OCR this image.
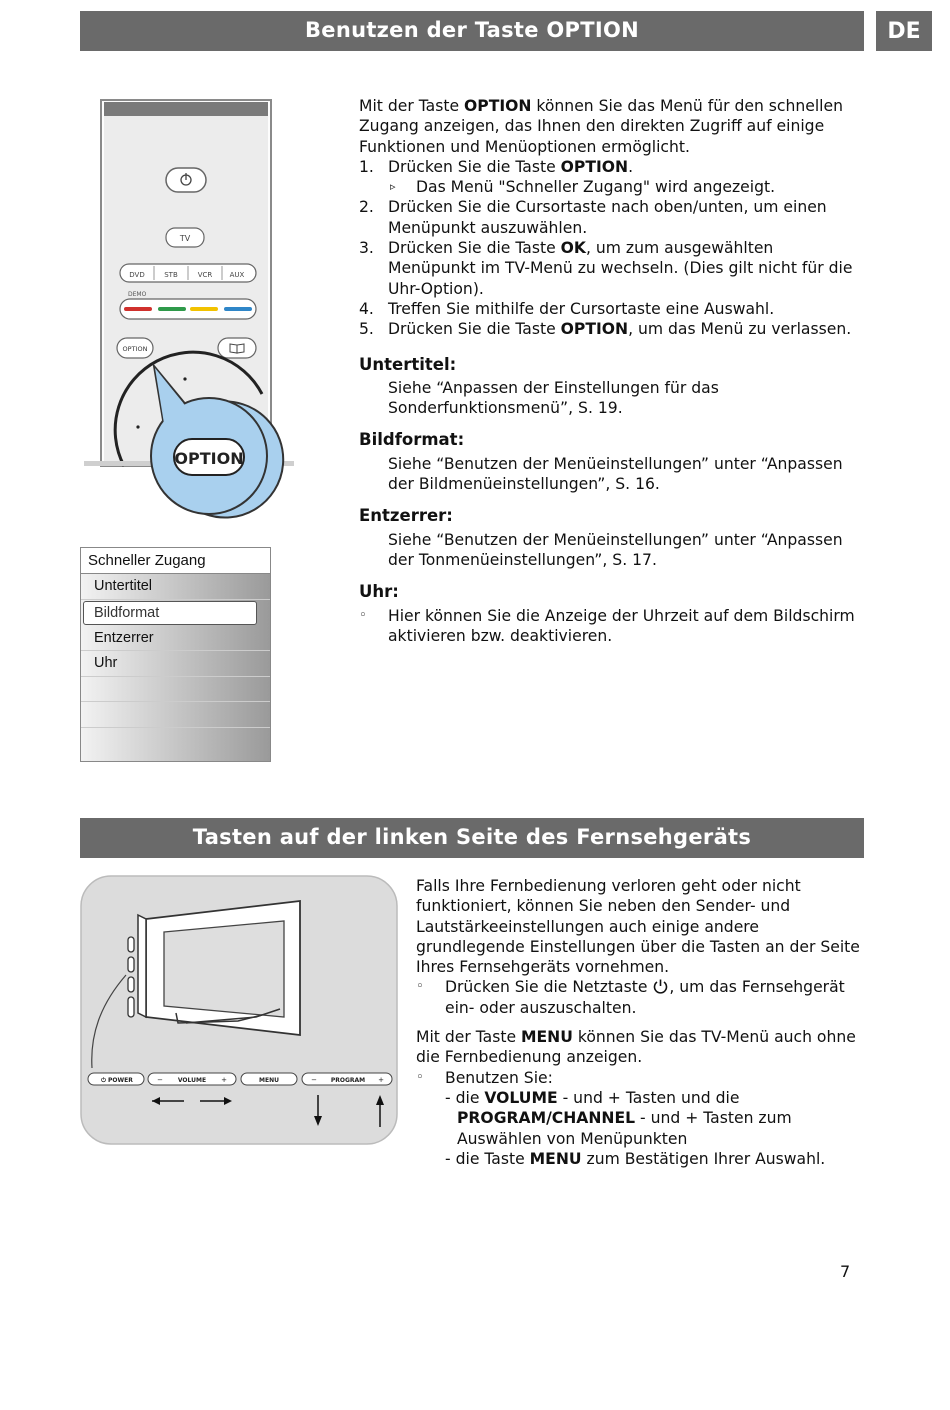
Benutzen der Taste OPTION	DE
TV
DVD	STB	VCR AUX
DEMO
OPTION
OPTION

Mit der Taste OPTION können Sie das Menü für den schnellen Zugang anzeigen, das Ihnen den direkten Zugriff auf einige Funktionen und Menüoptionen ermöglicht.

1. Drücken Sie die Taste OPTION.
▹ Das Menü "Schneller Zugang" wird angezeigt.
2. Drücken Sie die Cursortaste nach oben/unten, um einen Menüpunkt auszuwählen.
3. Drücken Sie die Taste OK, um zum ausgewählten Menüpunkt im TV-Menü zu wechseln. (Dies gilt nicht für die Uhr-Option).
4. Treffen Sie mithilfe der Cursortaste eine Auswahl.
5. Drücken Sie die Taste OPTION, um das Menü zu verlassen.
Untertitel:
Siehe “Anpassen der Einstellungen für das Sonderfunktionsmenü”, S. 19.
Bildformat:
Siehe “Benutzen der Menüeinstellungen” unter “Anpassen der Bildmenüeinstellungen”, S. 16.
Entzerrer:
Siehe “Benutzen der Menüeinstellungen” unter “Anpassen der Tonmenüeinstellungen”, S. 17.
Uhr:
◦ Hier können Sie die Anzeige der Uhrzeit auf dem Bildschirm aktivieren bzw. deaktivieren.
Schneller Zugang
Untertitel
Bildformat
Entzerrer
Uhr
Tasten auf der linken Seite des Fernsehgeräts
⏻ POWER	− VOLUME +	MENU	− PROGRAM +

Falls Ihre Fernbedienung verloren geht oder nicht funktioniert, können Sie neben den Sender- und Lautstärkeeinstellungen auch einige andere grundlegende Einstellungen über die Tasten an der Seite Ihres Fernsehgeräts vornehmen.

◦ Drücken Sie die Netztaste , um das Fernsehgerät ein- oder auszuschalten.

Mit der Taste MENU können Sie das TV-Menü auch ohne die Fernbedienung anzeigen.

◦ Benutzen Sie:
- die VOLUME - und + Tasten und die
PROGRAM/CHANNEL - und + Tasten zum Auswählen von Menüpunkten
- die Taste MENU zum Bestätigen Ihrer Auswahl.
7
